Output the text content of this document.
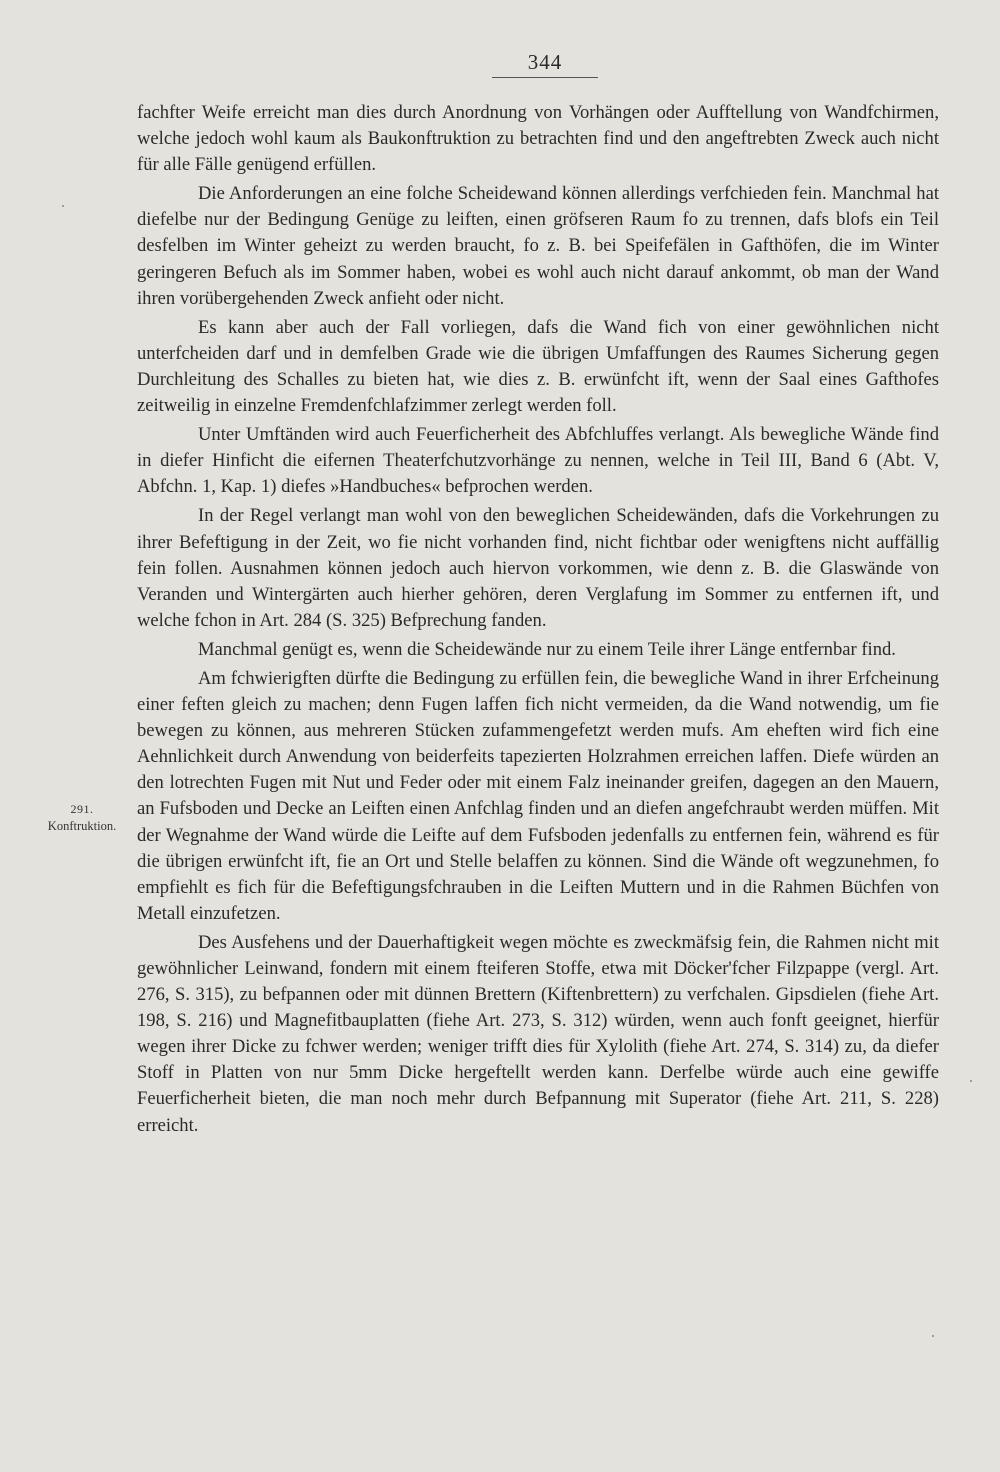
344
291.
Konftruktion.

fachfter Weife erreicht man dies durch Anordnung von Vorhängen oder Aufftellung von Wandfchirmen, welche jedoch wohl kaum als Baukonftruktion zu betrachten find und den angeftrebten Zweck auch nicht für alle Fälle genügend erfüllen.

Die Anforderungen an eine folche Scheidewand können allerdings verfchieden fein. Manchmal hat diefelbe nur der Bedingung Genüge zu leiften, einen gröfseren Raum fo zu trennen, dafs blofs ein Teil desfelben im Winter geheizt zu werden braucht, fo z. B. bei Speifefälen in Gafthöfen, die im Winter geringeren Befuch als im Sommer haben, wobei es wohl auch nicht darauf ankommt, ob man der Wand ihren vorübergehenden Zweck anfieht oder nicht.

Es kann aber auch der Fall vorliegen, dafs die Wand fich von einer gewöhnlichen nicht unterfcheiden darf und in demfelben Grade wie die übrigen Umfaffungen des Raumes Sicherung gegen Durchleitung des Schalles zu bieten hat, wie dies z. B. erwünfcht ift, wenn der Saal eines Gafthofes zeitweilig in einzelne Fremdenfchlafzimmer zerlegt werden foll.

Unter Umftänden wird auch Feuerficherheit des Abfchluffes verlangt. Als bewegliche Wände find in diefer Hinficht die eifernen Theaterfchutzvorhänge zu nennen, welche in Teil III, Band 6 (Abt. V, Abfchn. 1, Kap. 1) diefes »Handbuches« befprochen werden.

In der Regel verlangt man wohl von den beweglichen Scheidewänden, dafs die Vorkehrungen zu ihrer Befeftigung in der Zeit, wo fie nicht vorhanden find, nicht fichtbar oder wenigftens nicht auffällig fein follen. Ausnahmen können jedoch auch hiervon vorkommen, wie denn z. B. die Glaswände von Veranden und Wintergärten auch hierher gehören, deren Verglafung im Sommer zu entfernen ift, und welche fchon in Art. 284 (S. 325) Befprechung fanden.

Manchmal genügt es, wenn die Scheidewände nur zu einem Teile ihrer Länge entfernbar find.

Am fchwierigften dürfte die Bedingung zu erfüllen fein, die bewegliche Wand in ihrer Erfcheinung einer feften gleich zu machen; denn Fugen laffen fich nicht vermeiden, da die Wand notwendig, um fie bewegen zu können, aus mehreren Stücken zufammengefetzt werden mufs. Am eheften wird fich eine Aehnlichkeit durch Anwendung von beiderfeits tapezierten Holzrahmen erreichen laffen. Diefe würden an den lotrechten Fugen mit Nut und Feder oder mit einem Falz ineinander greifen, dagegen an den Mauern, an Fufsboden und Decke an Leiften einen Anfchlag finden und an diefen angefchraubt werden müffen. Mit der Wegnahme der Wand würde die Leifte auf dem Fufsboden jedenfalls zu entfernen fein, während es für die übrigen erwünfcht ift, fie an Ort und Stelle belaffen zu können. Sind die Wände oft wegzunehmen, fo empfiehlt es fich für die Befeftigungsfchrauben in die Leiften Muttern und in die Rahmen Büchfen von Metall einzufetzen.

Des Ausfehens und der Dauerhaftigkeit wegen möchte es zweckmäfsig fein, die Rahmen nicht mit gewöhnlicher Leinwand, fondern mit einem fteiferen Stoffe, etwa mit Döcker'fcher Filzpappe (vergl. Art. 276, S. 315), zu befpannen oder mit dünnen Brettern (Kiftenbrettern) zu verfchalen. Gipsdielen (fiehe Art. 198, S. 216) und Magnefitbauplatten (fiehe Art. 273, S. 312) würden, wenn auch fonft geeignet, hierfür wegen ihrer Dicke zu fchwer werden; weniger trifft dies für Xylolith (fiehe Art. 274, S. 314) zu, da diefer Stoff in Platten von nur 5mm Dicke hergeftellt werden kann. Derfelbe würde auch eine gewiffe Feuerficherheit bieten, die man noch mehr durch Befpannung mit Superator (fiehe Art. 211, S. 228) erreicht.
